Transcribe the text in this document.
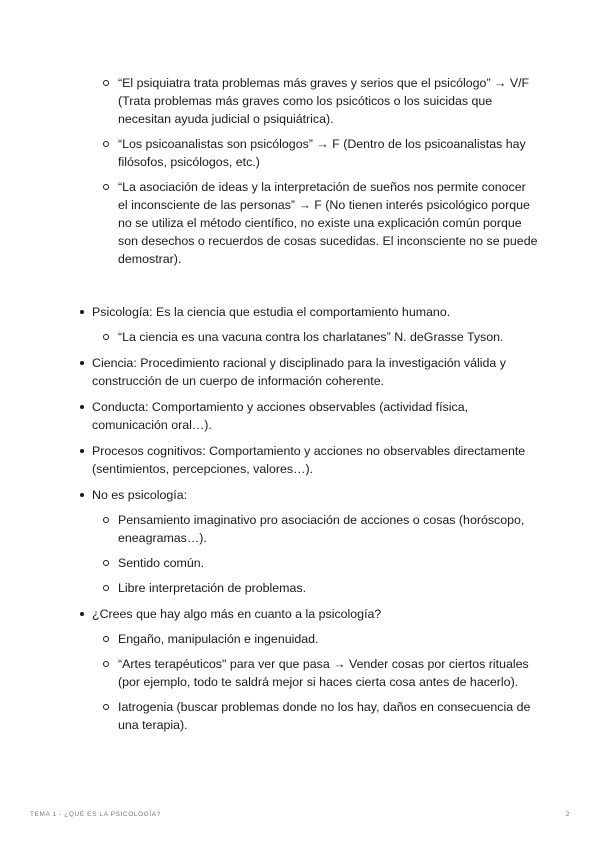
“El psiquiatra trata problemas más graves y serios que el psicólogo” → V/F (Trata problemas más graves como los psicóticos o los suicidas que necesitan ayuda judicial o psiquiátrica).
“Los psicoanalistas son psicólogos” → F (Dentro de los psicoanalistas hay filósofos, psicólogos, etc.)
“La asociación de ideas y la interpretación de sueños nos permite conocer el inconsciente de las personas” → F (No tienen interés psicológico porque no se utiliza el método científico, no existe una explicación común porque son desechos o recuerdos de cosas sucedidas. El inconsciente no se puede demostrar).
Psicología: Es la ciencia que estudia el comportamiento humano.
“La ciencia es una vacuna contra los charlatanes” N. deGrasse Tyson.
Ciencia: Procedimiento racional y disciplinado para la investigación válida y construcción de un cuerpo de información coherente.
Conducta: Comportamiento y acciones observables (actividad física, comunicación oral…).
Procesos cognitivos: Comportamiento y acciones no observables directamente (sentimientos, percepciones, valores…).
No es psicología:
Pensamiento imaginativo pro asociación de acciones o cosas (horóscopo, eneagramas…).
Sentido común.
Libre interpretación de problemas.
¿Crees que hay algo más en cuanto a la psicología?
Engaño, manipulación e ingenuidad.
“Artes terapéuticos" para ver que pasa → Vender cosas por ciertos rituales (por ejemplo, todo te saldrá mejor si haces cierta cosa antes de hacerlo).
Iatrogenia (buscar problemas donde no los hay, daños en consecuencia de una terapia).
TEMA 1 - ¿QUÉ ES LA PSICOLOGÍA?	2
